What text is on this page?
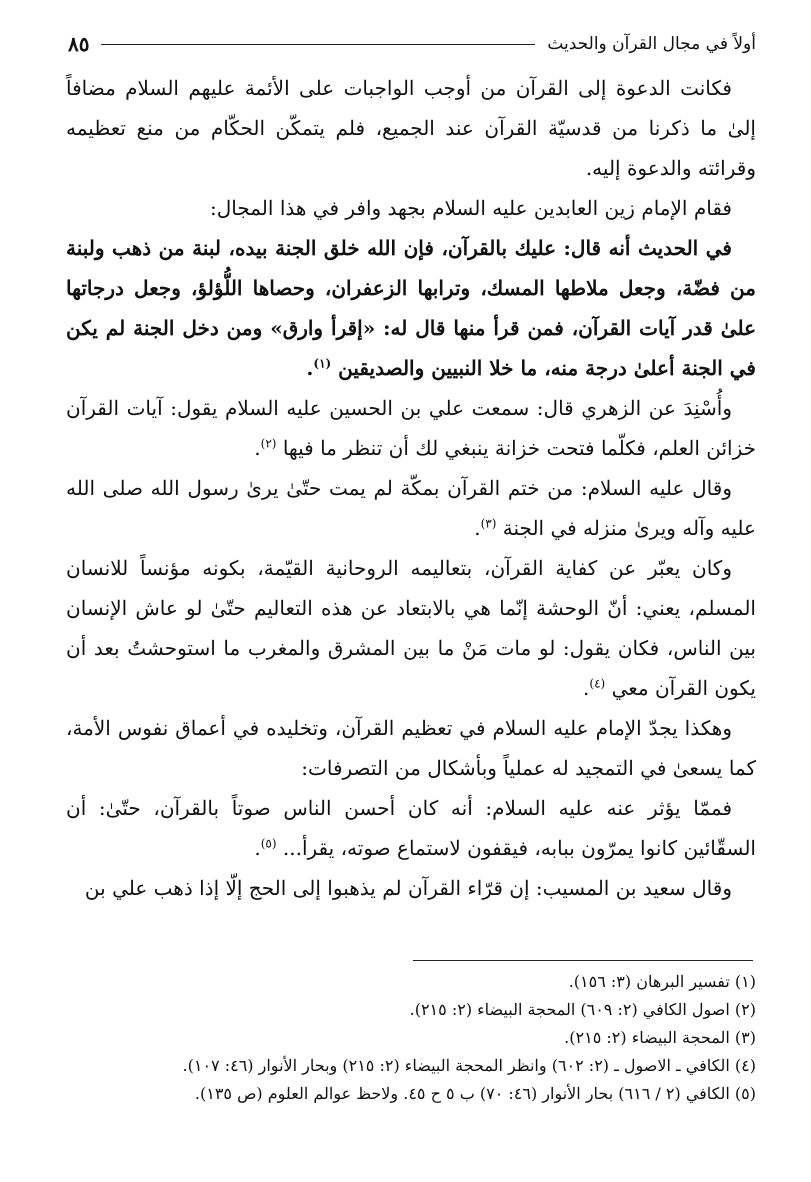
أولاً في مجال القرآن والحديث
٨٥

فكانت الدعوة إلى القرآن من أوجب الواجبات على الأئمة عليهم السلام مضافاً إلىٰ ما ذكرنا من قدسيّة القرآن عند الجميع، فلم يتمكّن الحكّام من منع تعظيمه وقرائته والدعوة إليه.

فقام الإمام زين العابدين عليه السلام بجهد وافر في هذا المجال:

في الحديث أنه قال: عليك بالقرآن، فإن الله خلق الجنة بيده، لبنة من ذهب ولبنة من فضّة، وجعل ملاطها المسك، وترابها الزعفران، وحصاها اللُّؤلؤ، وجعل درجاتها علىٰ قدر آيات القرآن، فمن قرأ منها قال له: «إقرأ وارق» ومن دخل الجنة لم يكن في الجنة أعلىٰ درجة منه، ما خلا النبيين والصديقين $^{(١)}$.

وأُسْنِدَ عن الزهري قال: سمعت علي بن الحسين عليه السلام يقول: آيات القرآن خزائن العلم، فكلّما فتحت خزانة ينبغي لك أن تنظر ما فيها $^{(٢)}$.

وقال عليه السلام: من ختم القرآن بمكّة لم يمت حتّىٰ يرىٰ رسول الله صلى الله عليه وآله ويرىٰ منزله في الجنة $^{(٣)}$.

وكان يعبّر عن كفاية القرآن، بتعاليمه الروحانية القيّمة، بكونه مؤنساً للانسان المسلم، يعني: أنّ الوحشة إنّما هي بالابتعاد عن هذه التعاليم حتّىٰ لو عاش الإنسان بين الناس، فكان يقول: لو مات مَنْ ما بين المشرق والمغرب ما استوحشتُ بعد أن يكون القرآن معي $^{(٤)}$.

وهكذا يجدّ الإمام عليه السلام في تعظيم القرآن، وتخليده في أعماق نفوس الأمة، كما يسعىٰ في التمجيد له عملياً وبأشكال من التصرفات:

فممّا يؤثر عنه عليه السلام: أنه كان أحسن الناس صوتاً بالقرآن، حتّىٰ: أن السقّائين كانوا يمرّون ببابه، فيقفون لاستماع صوته، يقرأ... $^{(٥)}$.

وقال سعيد بن المسيب: إن قرّاء القرآن لم يذهبوا إلى الحج إلّا إذا ذهب علي بن

(١) تفسير البرهان (٣: ١٥٦).
(٢) اصول الكافي (٢: ٦٠٩) المحجة البيضاء (٢: ٢١٥).
(٣) المحجة البيضاء (٢: ٢١٥).
(٤) الكافي ـ الاصول ـ (٢: ٦٠٢) وانظر المحجة البيضاء (٢: ٢١٥) وبحار الأنوار (٤٦: ١٠٧).
(٥) الكافي (٢ / ٦١٦) بحار الأنوار (٤٦: ٧٠) ب ٥ ح ٤٥. ولاحظ عوالم العلوم (ص ١٣٥).
